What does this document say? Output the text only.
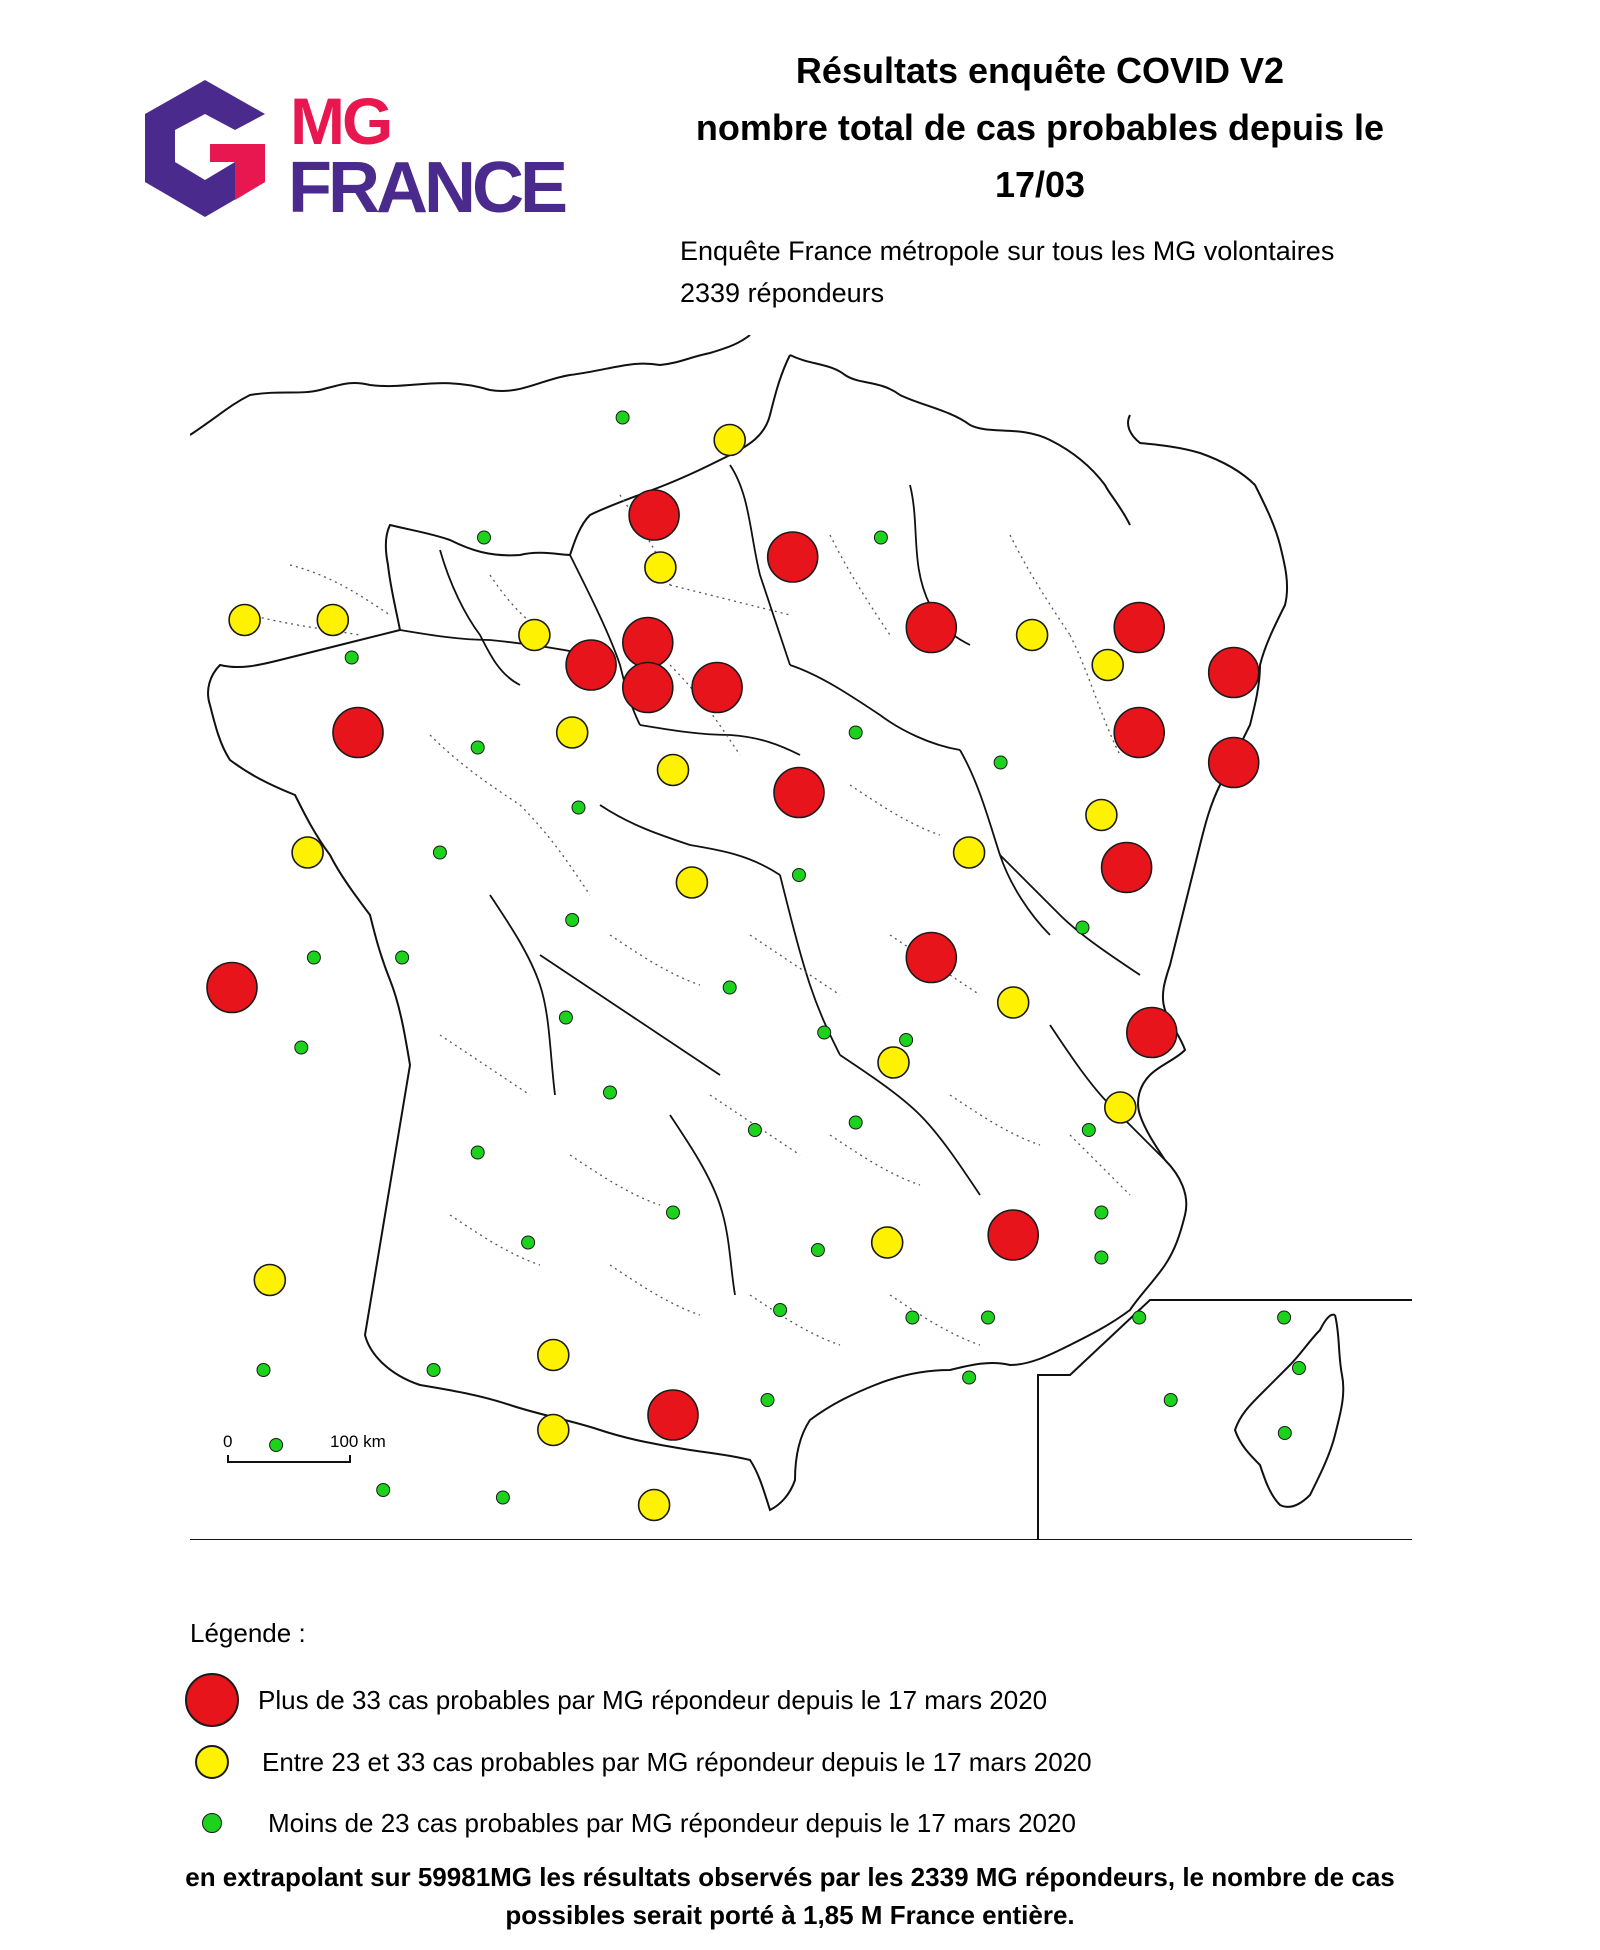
MG
FRANCE
Résultats enquête COVID V2
nombre total de cas probables depuis le
17/03
Enquête France métropole sur tous les MG volontaires
2339 répondeurs
0	100 km
Légende :
Plus de 33 cas probables par MG répondeur depuis le 17 mars 2020
Entre 23 et 33 cas probables par MG répondeur depuis le 17 mars 2020
Moins de 23 cas probables par MG répondeur depuis le 17 mars 2020
en extrapolant sur 59981MG les résultats observés par les 2339 MG répondeurs, le nombre de cas
possibles serait porté à 1,85 M France entière.
